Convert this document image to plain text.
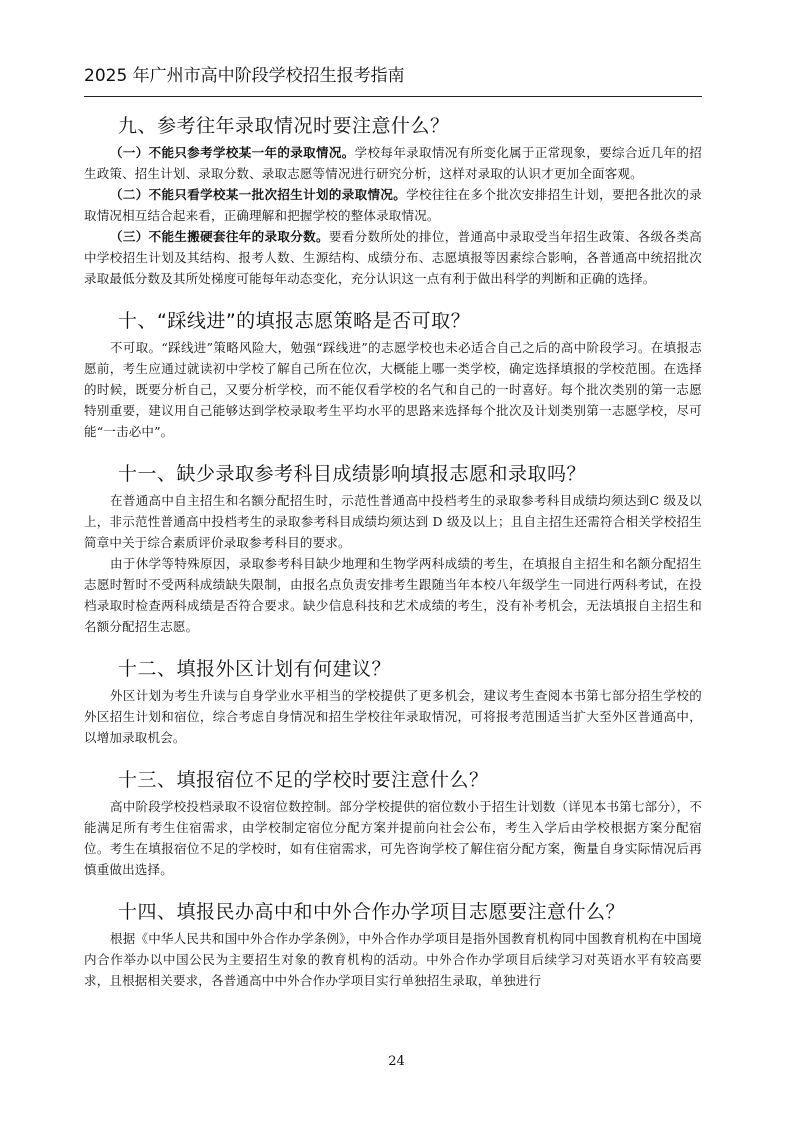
2025 年广州市高中阶段学校招生报考指南
九、参考往年录取情况时要注意什么？

（一）不能只参考学校某一年的录取情况。学校每年录取情况有所变化属于正常现象，要综合近几年的招生政策、招生计划、录取分数、录取志愿等情况进行研究分析，这样对录取的认识才更加全面客观。

（二）不能只看学校某一批次招生计划的录取情况。学校往往在多个批次安排招生计划，要把各批次的录取情况相互结合起来看，正确理解和把握学校的整体录取情况。

（三）不能生搬硬套往年的录取分数。要看分数所处的排位，普通高中录取受当年招生政策、各级各类高中学校招生计划及其结构、报考人数、生源结构、成绩分布、志愿填报等因素综合影响，各普通高中统招批次录取最低分数及其所处梯度可能每年动态变化，充分认识这一点有利于做出科学的判断和正确的选择。

十、“踩线进”的填报志愿策略是否可取？

不可取。“踩线进”策略风险大，勉强“踩线进”的志愿学校也未必适合自己之后的高中阶段学习。在填报志愿前，考生应通过就读初中学校了解自己所在位次，大概能上哪一类学校，确定选择填报的学校范围。在选择的时候，既要分析自己，又要分析学校，而不能仅看学校的名气和自己的一时喜好。每个批次类别的第一志愿特别重要，建议用自己能够达到学校录取考生平均水平的思路来选择每个批次及计划类别第一志愿学校，尽可能“一击必中”。

十一、缺少录取参考科目成绩影响填报志愿和录取吗？

在普通高中自主招生和名额分配招生时，示范性普通高中投档考生的录取参考科目成绩均须达到C 级及以上，非示范性普通高中投档考生的录取参考科目成绩均须达到 D 级及以上；且自主招生还需符合相关学校招生简章中关于综合素质评价录取参考科目的要求。

由于休学等特殊原因，录取参考科目缺少地理和生物学两科成绩的考生，在填报自主招生和名额分配招生志愿时暂时不受两科成绩缺失限制，由报名点负责安排考生跟随当年本校八年级学生一同进行两科考试，在投档录取时检查两科成绩是否符合要求。缺少信息科技和艺术成绩的考生，没有补考机会，无法填报自主招生和名额分配招生志愿。

十二、填报外区计划有何建议？

外区计划为考生升读与自身学业水平相当的学校提供了更多机会，建议考生查阅本书第七部分招生学校的外区招生计划和宿位，综合考虑自身情况和招生学校往年录取情况，可将报考范围适当扩大至外区普通高中，以增加录取机会。

十三、填报宿位不足的学校时要注意什么？

高中阶段学校投档录取不设宿位数控制。部分学校提供的宿位数小于招生计划数（详见本书第七部分），不能满足所有考生住宿需求，由学校制定宿位分配方案并提前向社会公布，考生入学后由学校根据方案分配宿位。考生在填报宿位不足的学校时，如有住宿需求，可先咨询学校了解住宿分配方案，衡量自身实际情况后再慎重做出选择。

十四、填报民办高中和中外合作办学项目志愿要注意什么？

根据《中华人民共和国中外合作办学条例》，中外合作办学项目是指外国教育机构同中国教育机构在中国境内合作举办以中国公民为主要招生对象的教育机构的活动。中外合作办学项目后续学习对英语水平有较高要求，且根据相关要求，各普通高中中外合作办学项目实行单独招生录取，单独进行

24
